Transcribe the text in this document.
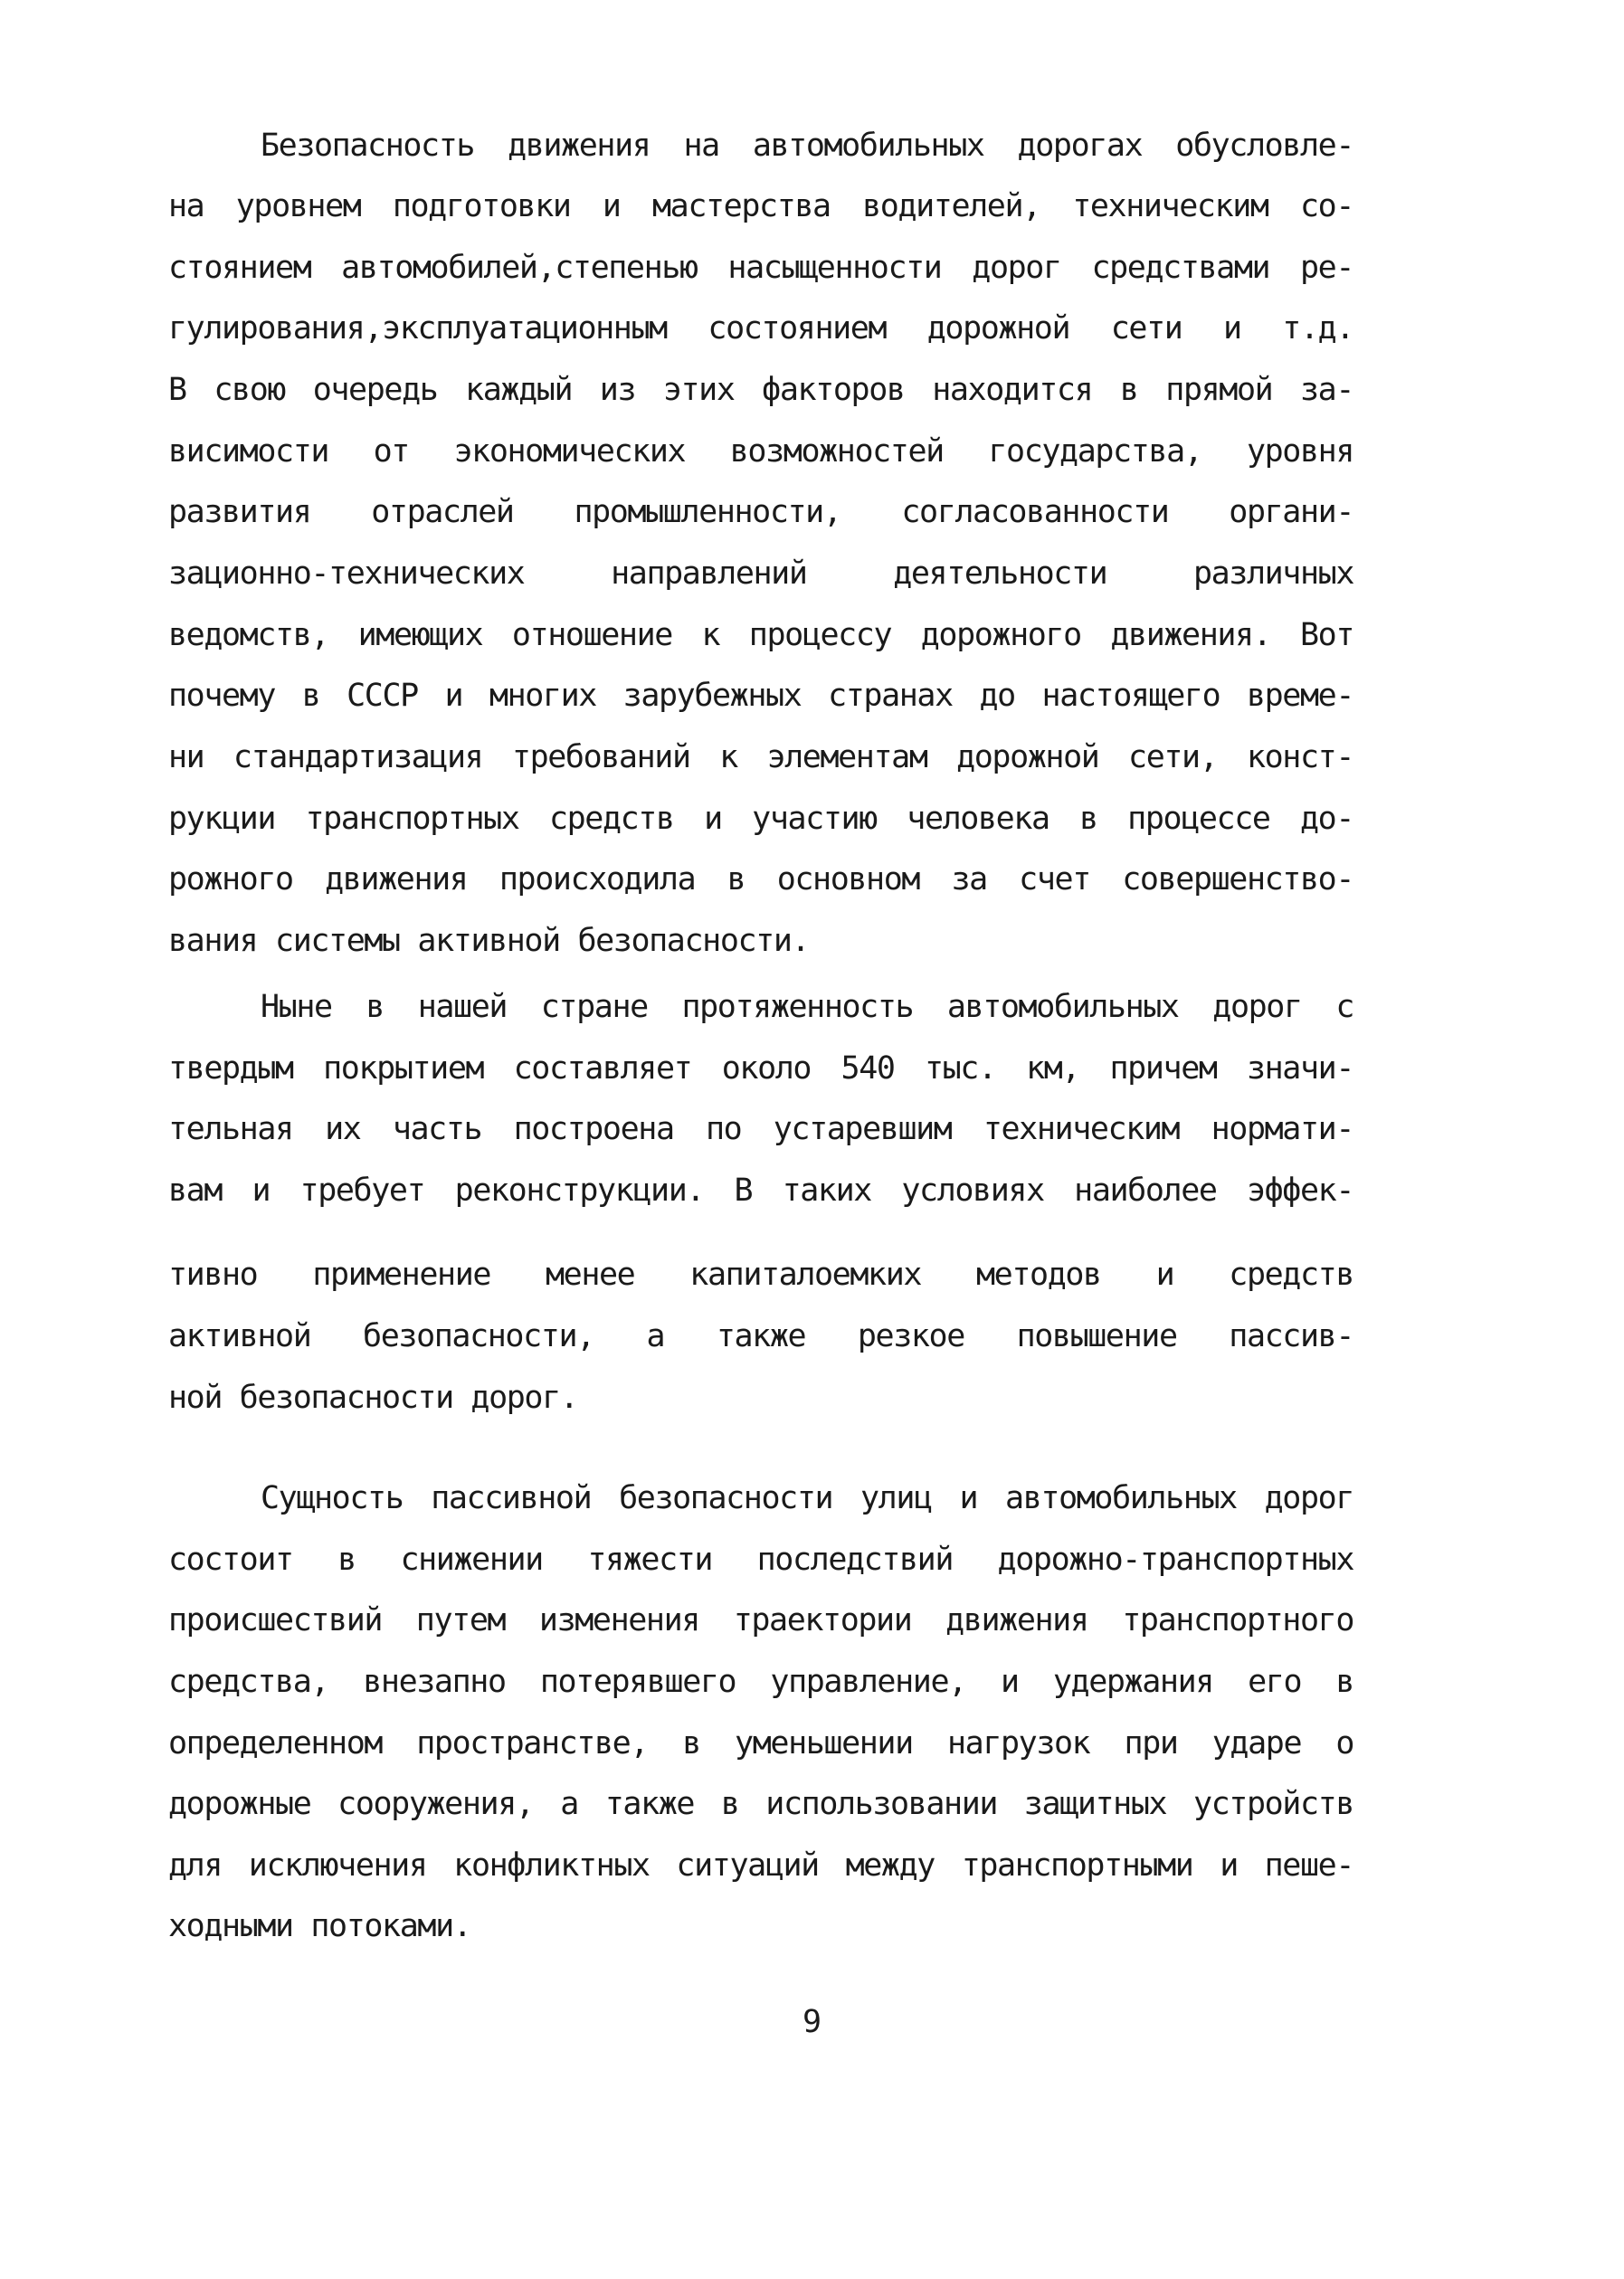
Безопасность движения на автомобильных дорогах обусловле-
на уровнем подготовки и мастерства водителей, техническим со-
стоянием автомобилей,степенью насыщенности дорог средствами ре-
гулирования,эксплуатационным состоянием дорожной сети и т.д.
В свою очередь каждый из этих факторов находится в прямой за-
висимости от экономических возможностей государства, уровня
развития отраслей промышленности, согласованности органи-
зационно-технических направлений деятельности различных
ведомств, имеющих отношение к процессу дорожного движения. Вот
почему в СССР и многих зарубежных странах до настоящего време-
ни стандартизация требований к элементам дорожной сети, конст-
рукции транспортных средств и участию человека в процессе до-
рожного движения происходила в основном за счет совершенство-
вания системы активной безопасности.
Ныне в нашей стране протяженность автомобильных дорог с
твердым покрытием составляет около 540 тыс. км, причем значи-
тельная их часть построена по устаревшим техническим нормати-
вам и требует реконструкции. В таких условиях наиболее эффек-
тивно применение менее капиталоемких методов и средств
активной безопасности, а также резкое повышение пассив-
ной безопасности дорог.
Сущность пассивной безопасности улиц и автомобильных дорог
состоит в снижении тяжести последствий дорожно-транспортных
происшествий путем изменения траектории движения транспортного
средства, внезапно потерявшего управление, и удержания его в
определенном пространстве, в уменьшении нагрузок при ударе о
дорожные сооружения, а также в использовании защитных устройств
для исключения конфликтных ситуаций между транспортными и пеше-
ходными потоками.
9
